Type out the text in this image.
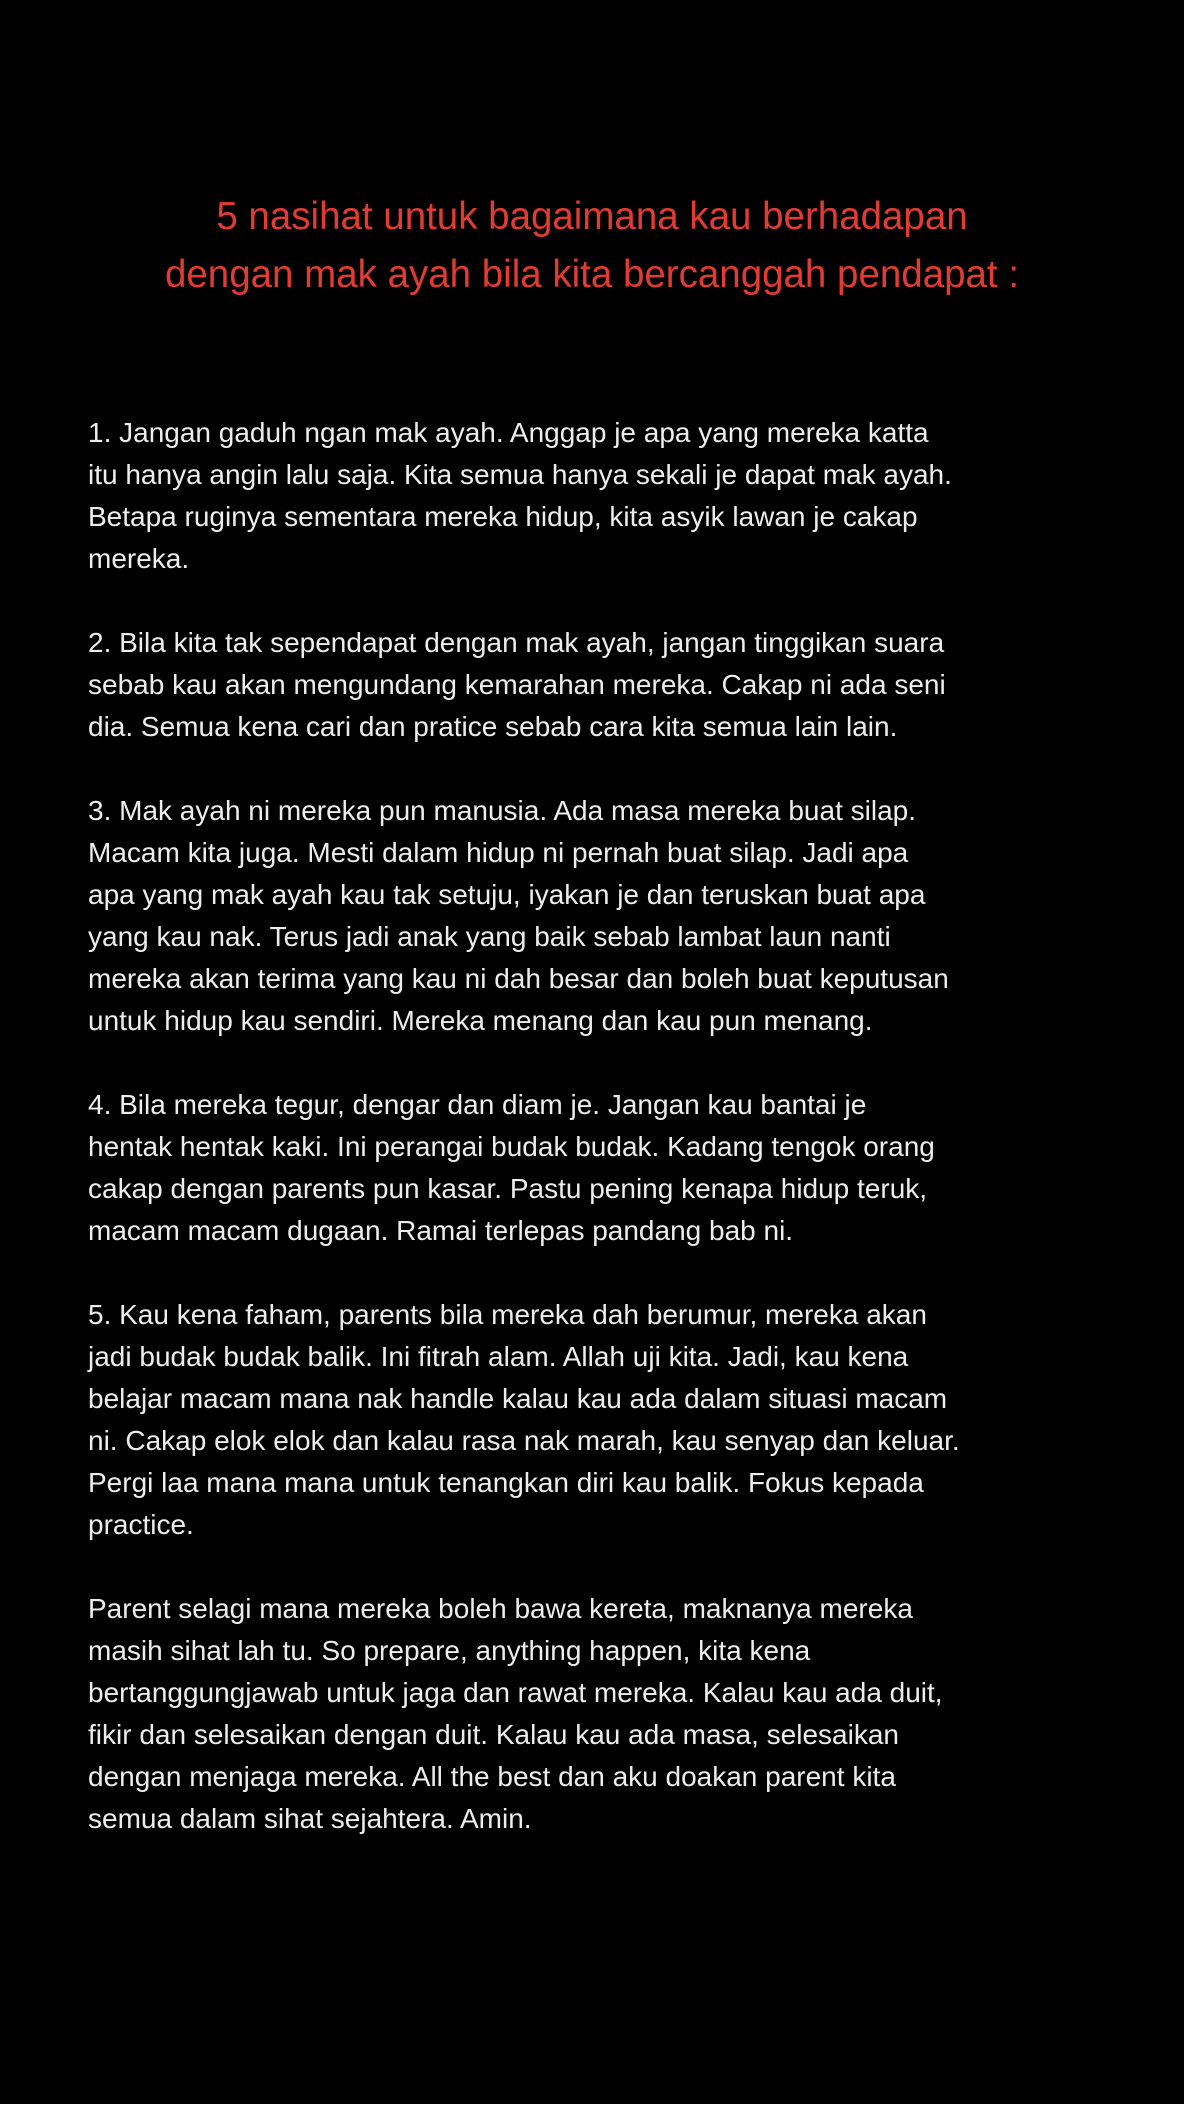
5 nasihat untuk bagaimana kau berhadapan
dengan mak ayah bila kita bercanggah pendapat :

1. Jangan gaduh ngan mak ayah. Anggap je apa yang mereka katta
itu hanya angin lalu saja. Kita semua hanya sekali je dapat mak ayah.
Betapa ruginya sementara mereka hidup, kita asyik lawan je cakap
mereka.

2. Bila kita tak sependapat dengan mak ayah, jangan tinggikan suara
sebab kau akan mengundang kemarahan mereka. Cakap ni ada seni
dia. Semua kena cari dan pratice sebab cara kita semua lain lain.

3. Mak ayah ni mereka pun manusia. Ada masa mereka buat silap.
Macam kita juga. Mesti dalam hidup ni pernah buat silap. Jadi apa
apa yang mak ayah kau tak setuju, iyakan je dan teruskan buat apa
yang kau nak. Terus jadi anak yang baik sebab lambat laun nanti
mereka akan terima yang kau ni dah besar dan boleh buat keputusan
untuk hidup kau sendiri. Mereka menang dan kau pun menang.

4. Bila mereka tegur, dengar dan diam je. Jangan kau bantai je
hentak hentak kaki. Ini perangai budak budak. Kadang tengok orang
cakap dengan parents pun kasar. Pastu pening kenapa hidup teruk,
macam macam dugaan. Ramai terlepas pandang bab ni.

5. Kau kena faham, parents bila mereka dah berumur, mereka akan
jadi budak budak balik. Ini fitrah alam. Allah uji kita. Jadi, kau kena
belajar macam mana nak handle kalau kau ada dalam situasi macam
ni. Cakap elok elok dan kalau rasa nak marah, kau senyap dan keluar.
Pergi laa mana mana untuk tenangkan diri kau balik. Fokus kepada
practice.

Parent selagi mana mereka boleh bawa kereta, maknanya mereka
masih sihat lah tu. So prepare, anything happen, kita kena
bertanggungjawab untuk jaga dan rawat mereka. Kalau kau ada duit,
fikir dan selesaikan dengan duit. Kalau kau ada masa, selesaikan
dengan menjaga mereka. All the best dan aku doakan parent kita
semua dalam sihat sejahtera. Amin.
